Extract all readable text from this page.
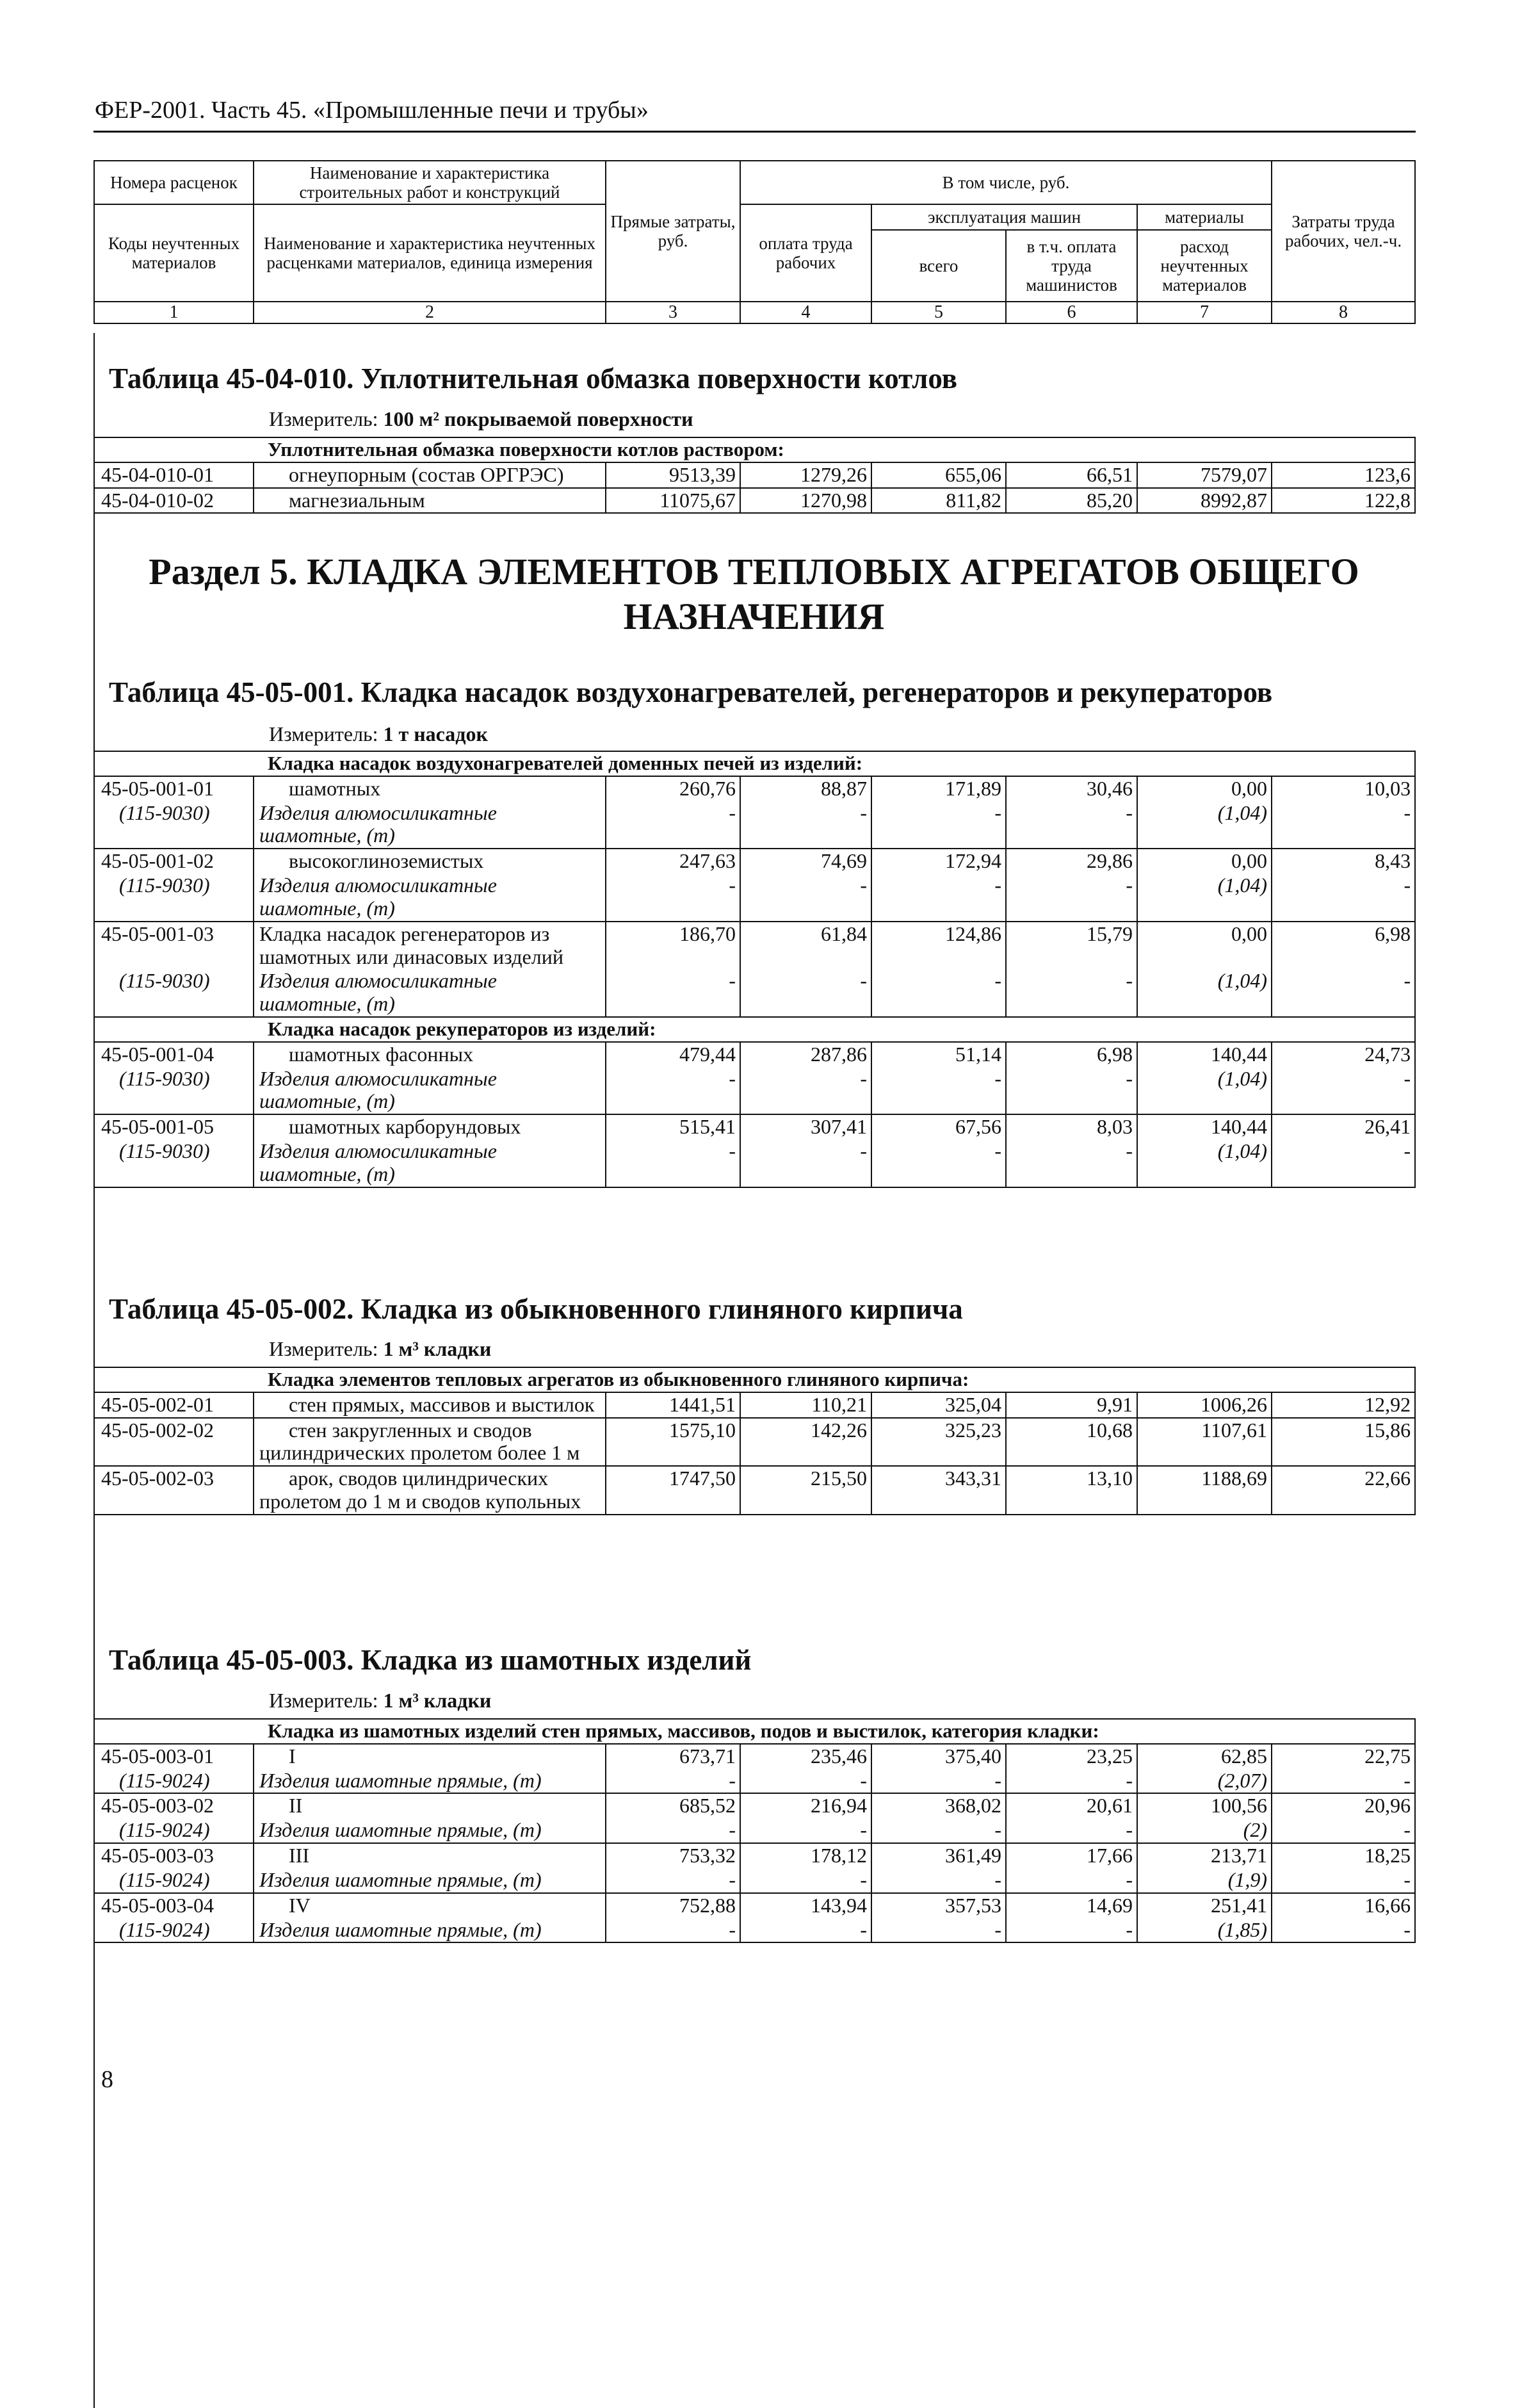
ФЕР-2001. Часть 45. «Промышленные печи и трубы»
Номера расценок	Наименование и характеристика строительных работ и конструкций	Прямые затраты, руб.	В том числе, руб.				Затраты труда рабочих, чел.-ч.
Коды неучтенных материалов	Наименование и характеристика неучтенных расценками материалов, единица измерения		оплата труда рабочих	эксплуатация машин		материалы	
				всего	в т.ч. оплата труда машинистов	расход неучтенных материалов	
1	2	3	4	5	6	7	8
Таблица 45-04-010. Уплотнительная обмазка поверхности котлов
Измеритель: 100 м² покрываемой поверхности
Уплотнительная обмазка поверхности котлов раствором:							
45-04-010-01	огнеупорным (состав ОРГРЭС)	9513,39	1279,26	655,06	66,51	7579,07	123,6
45-04-010-02	магнезиальным	11075,67	1270,98	811,82	85,20	8992,87	122,8
Раздел 5. КЛАДКА ЭЛЕМЕНТОВ ТЕПЛОВЫХ АГРЕГАТОВ ОБЩЕГО
НАЗНАЧЕНИЯ
Таблица 45-05-001. Кладка насадок воздухонагревателей, регенераторов и рекуператоров
Измеритель: 1 т насадок
Кладка насадок воздухонагревателей доменных печей из изделий:							
45-05-001-01	шамотных	260,76	88,87	171,89	30,46	0,00	10,03
(115-9030)	Изделия алюмосиликатные шамотные, (т)	-	-	-	-	(1,04)	-
45-05-001-02	высокоглиноземистых	247,63	74,69	172,94	29,86	0,00	8,43
(115-9030)	Изделия алюмосиликатные шамотные, (т)	-	-	-	-	(1,04)	-
45-05-001-03	Кладка насадок регенераторов из шамотных или динасовых изделий	186,70	61,84	124,86	15,79	0,00	6,98
(115-9030)	Изделия алюмосиликатные шамотные, (т)	-	-	-	-	(1,04)	-
Кладка насадок рекуператоров из изделий:							
45-05-001-04	шамотных фасонных	479,44	287,86	51,14	6,98	140,44	24,73
(115-9030)	Изделия алюмосиликатные шамотные, (т)	-	-	-	-	(1,04)	-
45-05-001-05	шамотных карборундовых	515,41	307,41	67,56	8,03	140,44	26,41
(115-9030)	Изделия алюмосиликатные шамотные, (т)	-	-	-	-	(1,04)	-
Таблица 45-05-002. Кладка из обыкновенного глиняного кирпича
Измеритель: 1 м³ кладки
Кладка элементов тепловых агрегатов из обыкновенного глиняного кирпича:							
45-05-002-01	стен прямых, массивов и выстилок	1441,51	110,21	325,04	9,91	1006,26	12,92
45-05-002-02	стен закругленных и сводов цилиндрических пролетом более 1 м	1575,10	142,26	325,23	10,68	1107,61	15,86
45-05-002-03	арок, сводов цилиндрических пролетом до 1 м и сводов купольных	1747,50	215,50	343,31	13,10	1188,69	22,66
Таблица 45-05-003. Кладка из шамотных изделий
Измеритель: 1 м³ кладки
Кладка из шамотных изделий стен прямых, массивов, подов и выстилок, категория кладки:							
45-05-003-01	I	673,71	235,46	375,40	23,25	62,85	22,75
(115-9024)	Изделия шамотные прямые, (т)	-	-	-	-	(2,07)	-
45-05-003-02	II	685,52	216,94	368,02	20,61	100,56	20,96
(115-9024)	Изделия шамотные прямые, (т)	-	-	-	-	(2)	-
45-05-003-03	III	753,32	178,12	361,49	17,66	213,71	18,25
(115-9024)	Изделия шамотные прямые, (т)	-	-	-	-	(1,9)	-
45-05-003-04	IV	752,88	143,94	357,53	14,69	251,41	16,66
(115-9024)	Изделия шамотные прямые, (т)	-	-	-	-	(1,85)	-
8
